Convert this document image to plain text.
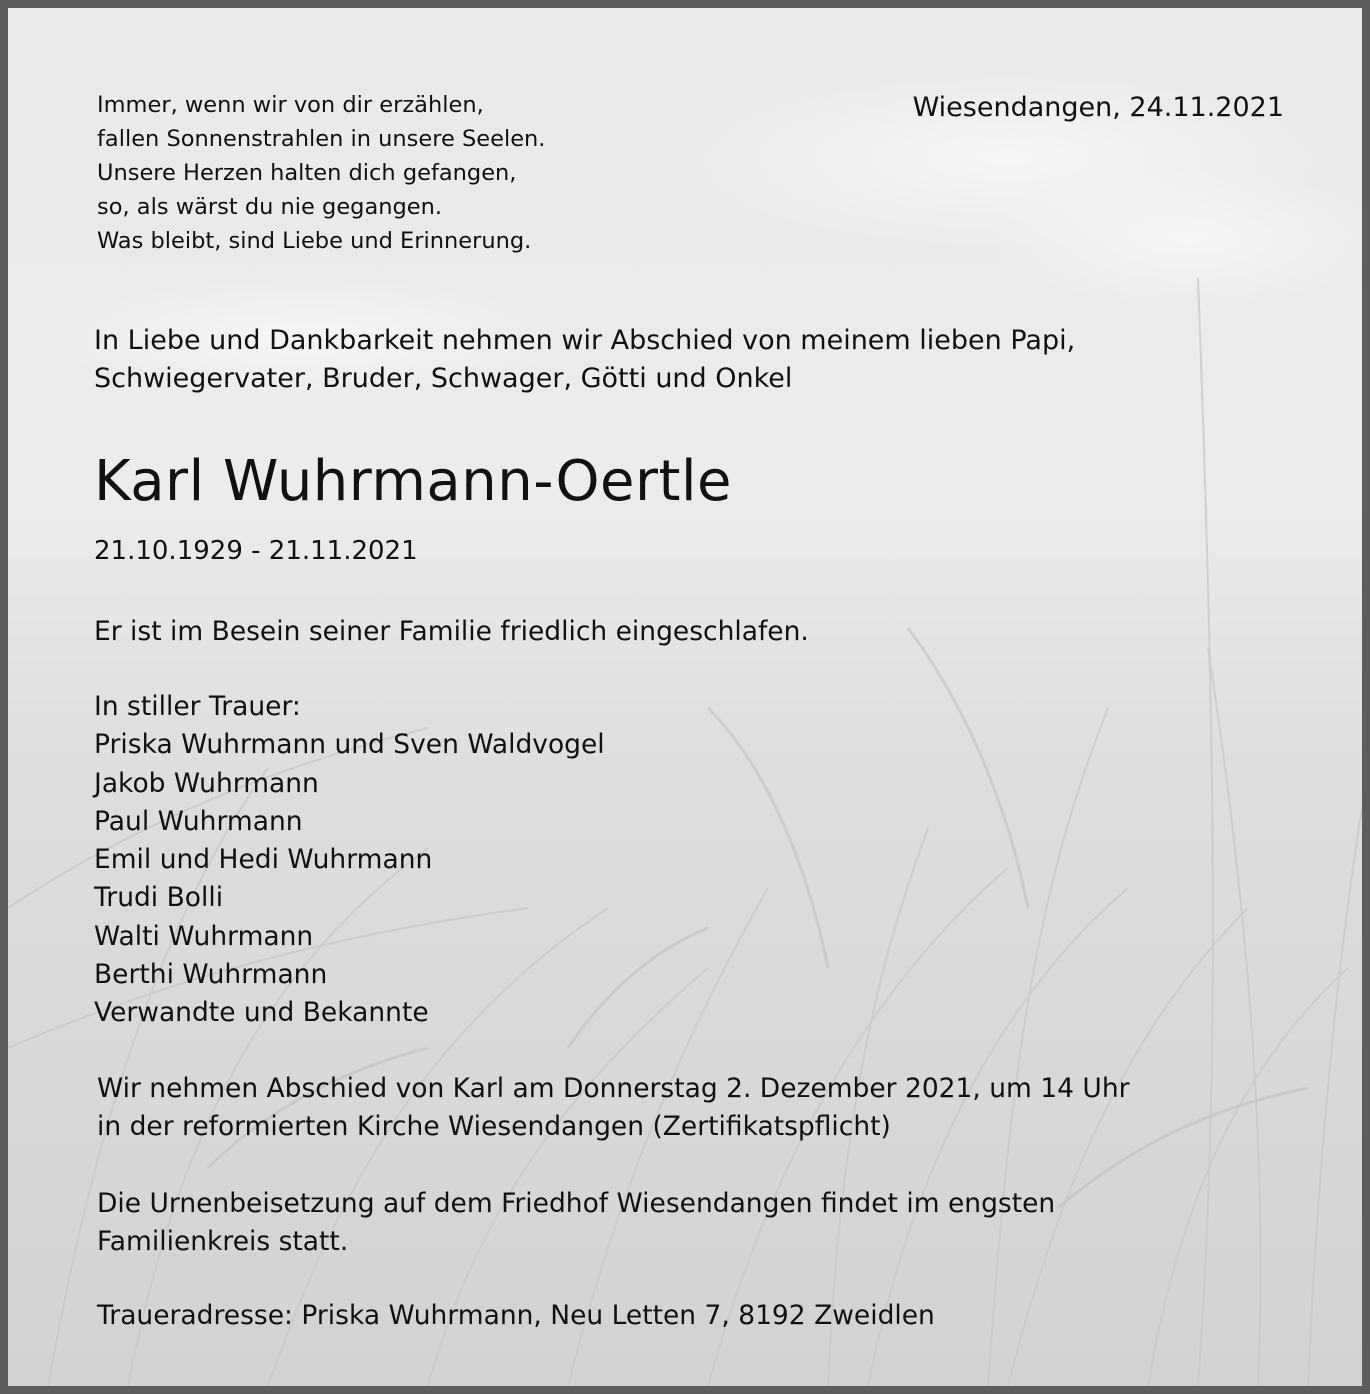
Immer, wenn wir von dir erzählen,
fallen Sonnenstrahlen in unsere Seelen.
Unsere Herzen halten dich gefangen,
so, als wärst du nie gegangen.
Was bleibt, sind Liebe und Erinnerung.
Wiesendangen, 24.11.2021
In Liebe und Dankbarkeit nehmen wir Abschied von meinem lieben Papi,
Schwiegervater, Bruder, Schwager, Götti und Onkel
Karl Wuhrmann-Oertle
21.10.1929 - 21.11.2021
Er ist im Besein seiner Familie friedlich eingeschlafen.
In stiller Trauer:
Priska Wuhrmann und Sven Waldvogel
Jakob Wuhrmann
Paul Wuhrmann
Emil und Hedi Wuhrmann
Trudi Bolli
Walti Wuhrmann
Berthi Wuhrmann
Verwandte und Bekannte
Wir nehmen Abschied von Karl am Donnerstag 2. Dezember 2021, um 14 Uhr
in der reformierten Kirche Wiesendangen (Zertifikatspflicht)
Die Urnenbeisetzung auf dem Friedhof Wiesendangen findet im engsten
Familienkreis statt.
Traueradresse: Priska Wuhrmann, Neu Letten 7, 8192 Zweidlen
